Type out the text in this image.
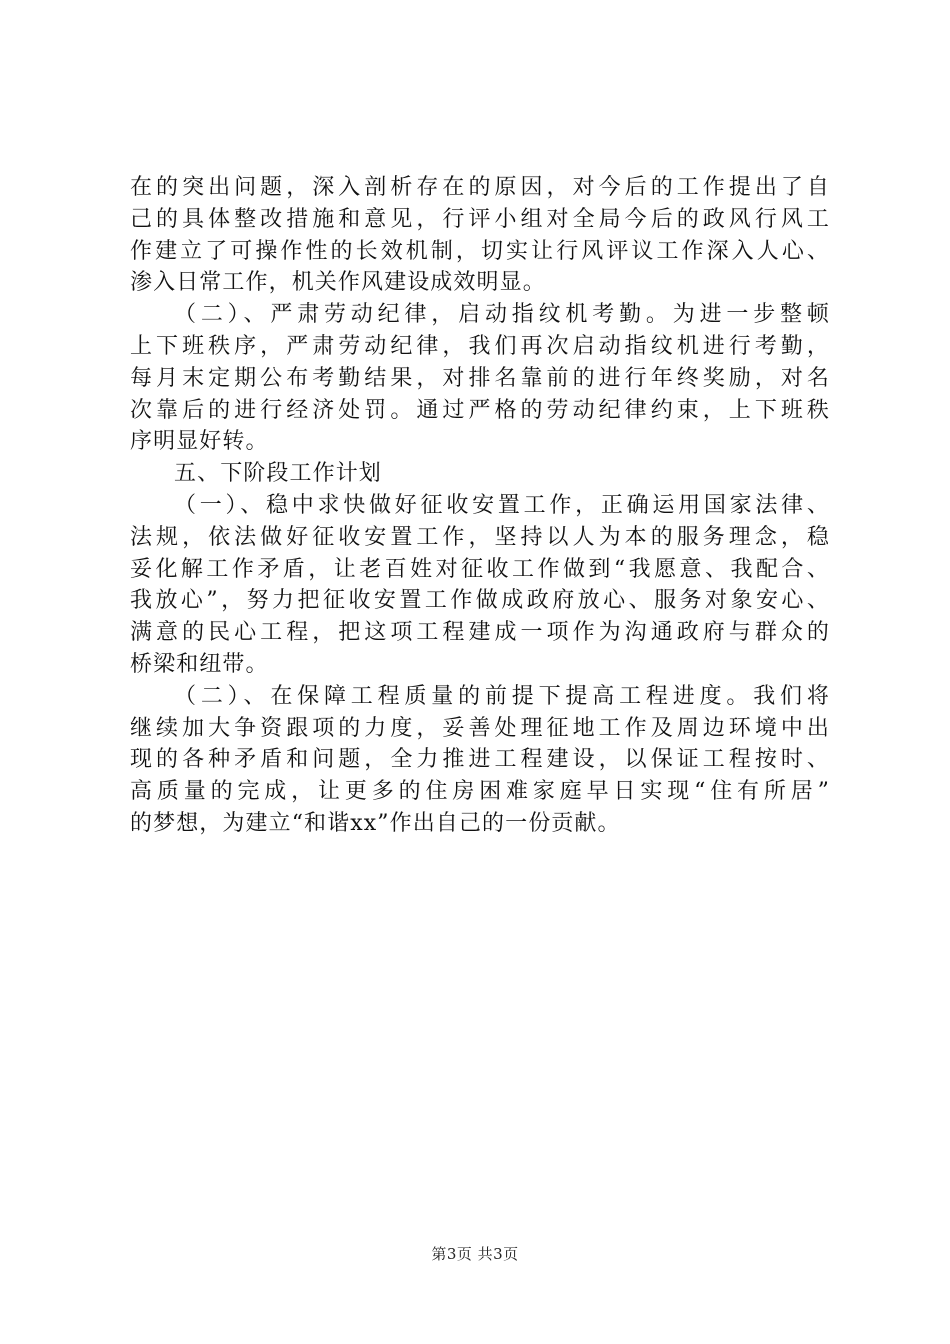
在的突出问题，深入剖析存在的原因，对今后的工作提出了自
己的具体整改措施和意见，行评小组对全局今后的政风行风工
作建立了可操作性的长效机制，切实让行风评议工作深入人心、
渗入日常工作，机关作风建设成效明显。
（二）、严肃劳动纪律，启动指纹机考勤。为进一步整顿
上下班秩序，严肃劳动纪律，我们再次启动指纹机进行考勤，
每月末定期公布考勤结果，对排名靠前的进行年终奖励，对名
次靠后的进行经济处罚。通过严格的劳动纪律约束，上下班秩
序明显好转。
五、下阶段工作计划
（一）、稳中求快做好征收安置工作，正确运用国家法律、
法规，依法做好征收安置工作，坚持以人为本的服务理念，稳
妥化解工作矛盾，让老百姓对征收工作做到“我愿意、我配合、
我放心”，努力把征收安置工作做成政府放心、服务对象安心、
满意的民心工程，把这项工程建成一项作为沟通政府与群众的
桥梁和纽带。
（二）、在保障工程质量的前提下提高工程进度。我们将
继续加大争资跟项的力度，妥善处理征地工作及周边环境中出
现的各种矛盾和问题，全力推进工程建设，以保证工程按时、
高质量的完成，让更多的住房困难家庭早日实现“住有所居”
的梦想，为建立“和谐xx”作出自己的一份贡献。
第3页 共3页
